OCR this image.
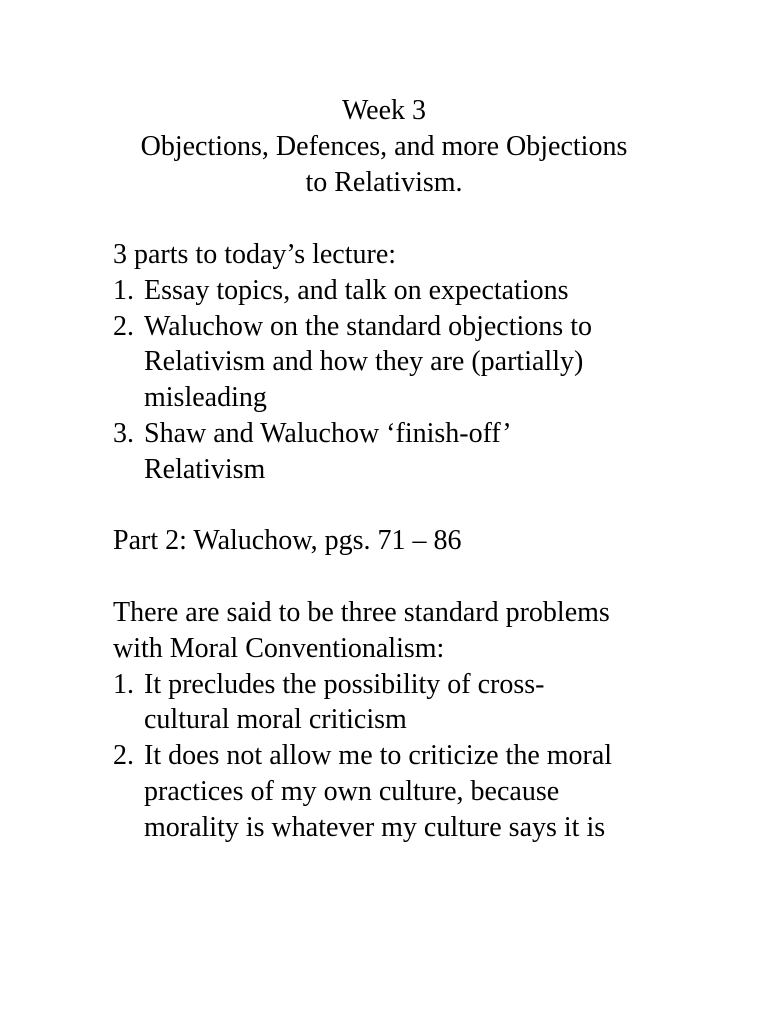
Week 3
Objections, Defences, and more Objections
to Relativism.
3 parts to today’s lecture:
1. Essay topics, and talk on expectations
2. Waluchow on the standard objections to
Relativism and how they are (partially)
misleading
3. Shaw and Waluchow ‘finish-off’
Relativism
Part 2: Waluchow, pgs. 71 – 86
There are said to be three standard problems
with Moral Conventionalism:
1. It precludes the possibility of cross-
cultural moral criticism
2. It does not allow me to criticize the moral
practices of my own culture, because
morality is whatever my culture says it is
